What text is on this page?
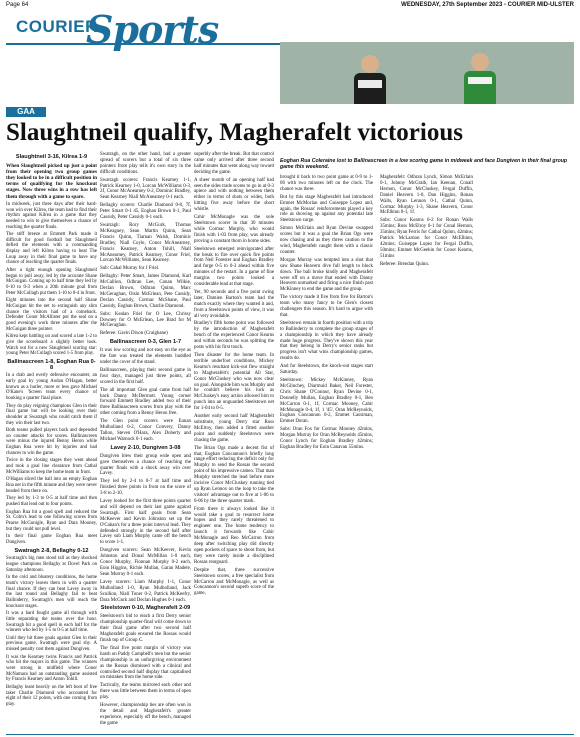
Page 64	WEDNESDAY, 27th September 2023 - COURIER MID-ULSTER
COURIER
Sports
GAA
Slaughtneil qualify, Magherafelt victorious
Eoghan Rua Coleraine lost to Ballinascreen in a low scoring game in midweek and face Dungiven in their final group game this weekend.
Slaughtneil 3-16, Kilrea 1-9

When Slaughtneil picked up just a point from their opening two group games they looked to be in a difficult position in terms of qualifying for the knockout stages. Now three wins in a row has left them through with a game to spare.

In midweek, just three days after their hard-won win over Kilrea, the team had to find their rhythm against Kilrea in a game that they needed to win to give themselves a chance of reaching the quarter finals.

The stiff breeze at Emmett Park made it difficult for good football but Slaughtneil defied the elements with a commanding display and left Kilrea having to beat The Loup away in their final game to have any chance of reaching the quarter finals.

After a tight enough opening Slaughtneil began to pull away, led by the accurate Shane McGuigan. Coming up to half time they led by 0-10 to 0-3 when a 20th minute goal from Peter McCullagh put them 1-10 to 0-4 in front.

Eight minutes into the second half Shane McGuigan hit the net to extinguish any slim chance the visitors had of a comeback. Defender Conor McAllister put the seal on a good evening's work three minutes after the McGuigan three pointer.

Kilrea kept battling on and scored a late 1-2 to give the scoreboard a slightly better look. Watch out for a new Slaughtneil scoring star: young Peter McCullagh scored 1-5 from play.

Ballinascreen 1-8, Eoghan Rua 0-8

In a drab and overly defensive encounter, an early goal by young Aodan O'Hagan, better known as a hurler, more or less gave Michael O'Kane's 'Screen team every chance of booking a quarter final place.

They do play reigning champions Glen in their final game but will be looking over their shoulder at Swatragh who could catch them if they win their last two.

Both teams pulled players back and depended on counter attacks for scores. Ballinascreen were minus the injured Benny Heron while Eoghan Rua were hit by injuries and had chances to win the game.

Twice in the closing stages they went ahead and took a goal line clearance from Cathal McWilliams to keep the home team in front.

O'Hagan sliced the ball into an empty Eoghan Rua net in the fifth minute and they were never headed from there on.

They led by 1-3 to 0-5 at half time and then pushed that lead out to four points.

Eoghan Rua hit a good spell and reduced the St. Colm's lead to one following scores from Pearse McGonigle, Ryan and Dara Mooney, but they could not pull level.

In their final game Eoghan Rua meet Dungiven.

Swatragh 2-8, Bellaghy 0-12

Swatragh's big men stood tall as they shocked league champions Bellaghy at Dovel Park on Saturday afternoon.

In the cold and blustery conditions, the home team's victory leaves them in with a quarter final chance. If they can beat Lavey away in the last round and Bellaghy fail to beat Ballinderry, Swatragh's men will reach the knockout stages.

It was a hard fought game all through with little separating the teams over the hour. Swatragh hit a good spell in each half for the winners who led by 1-5 to 0-5 at half time.

Until they hit three goals against Glen in their previous game, Swatragh were goal shy. A missed penalty cost them against Dungiven.

It was the Kearney twins Francis and Patrick who hit the majors in this game. The winners were strong in midfield where Conor McNamara had an outstanding game assisted by Francis Kearney and Anton Tohill.

Bellaghy leant heavily on the left boot of free taker Charlie Diamond who accounted for eight of their 12 points, with one coming from play.

Swatragh, on the other hand, had a greater spread of scorers but a total of six three pointers from play tells it's own story in the difficult conditions.

Swatragh scorers: Francis Kearney 1-1, Patrick Kearney 1-0, Lorcan McWilliams 0-3, 2f, Conor McAnearney 0-2, Dominic Bradley, Sean Kearney Niall McAnearney 0-1 each.

Bellaghy scorers: Charlie Diamond 0-8, 7f, Peter Smart 0-1 45, Eoghan Brown 0-1, Paul Cassidy, Peter Cassidy 0-1 each.

Swatragh: Rory McGurk, Thomas McKeaguey, Sean Martin Quinn, Sean Francis Quinn, Tiarnan Walsh, Dominic Bradley, Niall Coyle, Conor McAnearney, Francis Kearney, Anton Tohill, Niall McAnearney, Patrick Kearney, Conor Friel, Lorcan McWilliams, Sean Kearney.

Sub: Cahal Murray for J Friel.

Bellaghy: Peter Smart, James Diamond, Karl McCallion, Odhran Lee, Conan Wilkie, Declan Brown, Odhran Quinn, Marc McGeraghan, Oisin McErlean, Pete Cassidy, Declan Cassidy, Cormac McShane, Paul Cassidy, Eoghan Brown, Charlie Diamond.

Subs: Kealan Friel for O Lee, Chrissy Downey for O McErlean, Lee Brad for M McGeraghan.

Referee: Gavin Dixon (Craigbane)

Ballinascreen 0-3, Glen 1-7

It was low scoring and not easy on the eye as the fare was treated the elements huddled under the cover of the stand.

Ballinascreen, playing their second game in four days, managed just three points, all scored in the first half.

The all important Glen goal came from half back Danny McDermott. Young corner forward Emmett Bradley added two of their three Ballinascreen scores from play with the other coming from a Benny Heron free.

The Glen point scorers were Eunan Mulholland 0-2, Conor Convery, Danny Tallon, Steven O'Hara, Alex Doherty and Michael Warnock 0-1 each.

Lavey 2-10, Dungiven 3-08

Dungiven blew their group wide open and gave themselves a chance of reaching the quarter finals with a shock away win over Lavey.

They led by 2-4 to 0-7 at half time and finished three points in front on the score of 3-8 to 2-10.

Lavey looked for the first three points quarter and will depend on their last game against Swatragh. First half goals from Sean McKeever and Kevin Johnston set up the O'Cahan's for a three point interval lead. They defended strongly in the second half after Lavey sub Liam Murphy came off the bench to score 1-1.

Dungiven scorers: Sean McKeever, Kevin Johnston and Donal McMillan 1-0 each, Conor Murphy, Fionnan Murphy 0-2 each, Eoin Higgins, Richie Mullan, Garan Madele, Sean Murray 0-1 each.

Lavey scorers: Liam Murphy 1-1, Conor Mulholland 1-0, Ryan Mulholland, Jack Scullion, Niall Toner 0-2, Patrick McKeefry, Dara McGurk and Declan Hughes 0-1 each.

Steelstown 0-10, Magherafelt 2-09

Steelstown's bid to reach a first Derry senior championship quarter-final will come down to their final game after two second half Magherafelt goals ensured the Rossas would finish top of Group C.

The final five point margin of victory was harsh on Paddy Campbell's men but the senior championship is an unforgiving environment as the Rossas dismissed with a clinical and controlled second half display that capitalised on mistakes from the home side.

Tactically, the teams mirrored each other and there was little between them in terms of open play.

However, championship ties are often won in the detail and Magherafelt's greater experience, especially off the bench, managed the game

superbly after the break. But that control came only arrived after three second half minutes that went along way toward deciding the game.

A sheer month of an opening half had seen the sides trade scores to go in at 0-3 apiece and with nothing between them either in terms of shots or wides, both hitting five away before the short whistle.

Cahir McMonagle was the sole Steelstown scorer in that 30 minutes while Cormac Murphy, who would finish with 1-03 from play, was already proving a constant thorn in home sides.

Steelstown emerged reinvigorated after the break to fire over quick fire points from Neil Forester and Eoghan Bradley and forge 0-5 to 0-3 ahead within five minutes of the restart. In a game of fine margins two points looked a considerable lead at that stage.

Yet, 90 seconds and a five point swing later, Damien Barton's team had the match exactly where they wanted it and, from a Steelstown points of view, it was all very avoidable.

Bradley's fifth home point was followed by the introduction of Magherafelt bench of the experienced Conor Kearns and within seconds he was splitting the posts with his first touch.

Then disaster for the home team. In terrible underfoot conditions, Mickey Kearns's resultant kick-out flew straight to Magherafelt's potential All Star, Conor McCluskey who was now clear on goal. Alongside him was Murphy and he couldn't believe his luck as McCluskey's easy action allowed him to punch into an unguarded Steelstown net for 1-04 to 0-5.

Another early second half Magherafelt substitute, young Derry star Ross McElroy, then added a fitted another point and suddenly Steelstown were chasing the game.

The Brian Ogs made a decent fist of that, Eoghan Concannon's briefly long range effort reducing the deficit only for Murphy to send the Rossas the second point of his impressive cameo. That man Murphy stretched the lead before more incisive Conor McCluskey running tied up Ryan Lennox on the loop to take the visitors' advantage out to five at 1-06 to 0-06 by the three quarter mark.

From there it always looked like it would take a goal to resurrect home hopes and they rarely threatened to engineer one. The home tendency to launch it forwards like Cahir McMonagle and Reo McCarron from deep after switching play did directly open pockets of space to shoot from, but they were rarely inside a disciplined Rossas rearguard.

Despite that, three successive Steelstown scores, a free specialist from McCarron and McMonagle, as well as Concannon's second superb score of the game,

brought it back to two point game at 0-9 to 1-06 with two minutes left on the clock. The chance was there.

But by this stage Magherafelt had introduced Emmet McMorlan and Guiseppe Lopez and, again, the Rossas' reinforcements played a key role as showing up against any potential late Steelstown surge.

Simon McErlain and Ryan Devine swapped scores but it was a goal the Brian Ogs were now chasing and as they threw caution to the wind, Magherafelt caught them with a classic counter.

Morgan Murray was tempted into a shot that saw Shane Heavern dive full length to block down. The ball broke kindly and Magherafelt were off on a move that ended with Danny Heavern unmarked and firing a nice finish past McKinney to end the game and the group.

The victory made it five from five for Barton's team who many fancy to be Glen's closest challengers this season. It's hard to argue with that.

Steelstown remain in fourth position with a trip to Ballinderry to complete the group stages of a championship in which they have already made huge progress. They've shown this year that they belong in Derry's senior ranks but progress isn't what wins championship games, results do.

And for Steelstown, the knock-out stages start Saturday.

Steelstown: Mickey McKinney, Ryan McGlinchey, Diarmuid Baker, Neil Forester, Chris Shane O'Connor, Ryan Devine 0-1, Donnelly Mullan, Eoghan Bradley 0-1, Ben McCarron 0-1, 1f, Cormac Mooney, Cahir McMonagle 0-4, 1f, 1 '45', Oran McReynolds, Eoghan Concannon 0-2, Emmet Cassiman, Emmet Doran.

Subs: Oran Fox for Cormac Mooney 42mins, Morgan Murray for Oran McReynolds 45mins, Conor Lynch for Eoghan Bradley 42mins; Eoghan Bradley for Eoin Canavan 55mins.

Magherafelt: Odhran Lynch, Simon McErlain 0-1, Johnny McGrath, Ian Keenan, Conall Hernon, Conor McCluskey, Fergal Duffin, Daniel Heavern 1-0, Dan Higgins, Ronan Walls, Ryan Lennon 0-1, Cathal Quinn, Cormac Murphy 1-3, Shane Heavern, Conor McElhinn 0-1, 1f.

Subs: Conor Kearns 0-2 for Ronan Walls 35mins; Ross McElroy 0-1 for Conal Hernon, 35mins; Ryan Ferris for Cathal Quinn, 42mins; Patrick McLarnon for Conor McElhinn, 42mins; Guiseppe Lopez for Fergal Duffin, 50mins; Emmet McGeehin for Conor Kearns, 51mins

Referee: Brendan Quinn.
